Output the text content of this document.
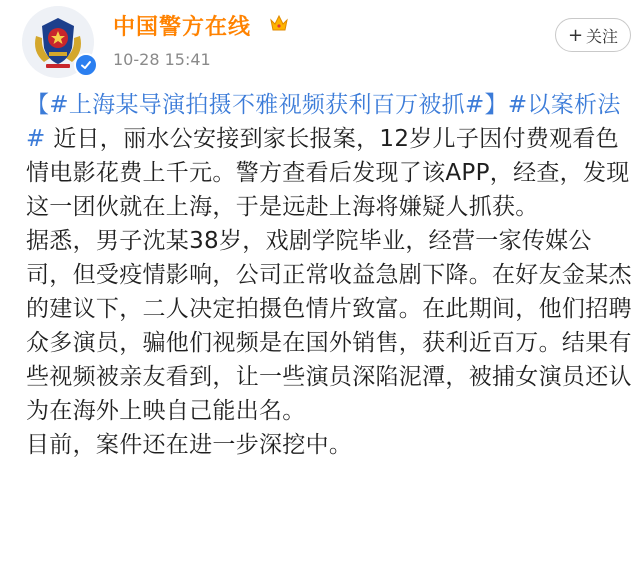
中国警方在线
10-28 15:41
+ 关注

【#上海某导演拍摄不雅视频获利百万被抓#】#以案析法# 近日，丽水公安接到家长报案，12岁儿子因付费观看色情电影花费上千元。警方查看后发现了该APP，经查，发现这一团伙就在上海，于是远赴上海将嫌疑人抓获。

据悉，男子沈某38岁，戏剧学院毕业，经营一家传媒公司，但受疫情影响，公司正常收益急剧下降。在好友金某杰的建议下，二人决定拍摄色情片致富。在此期间，他们招聘众多演员，骗他们视频是在国外销售，获利近百万。结果有些视频被亲友看到，让一些演员深陷泥潭，被捕女演员还认为在海外上映自己能出名。

目前，案件还在进一步深挖中。
